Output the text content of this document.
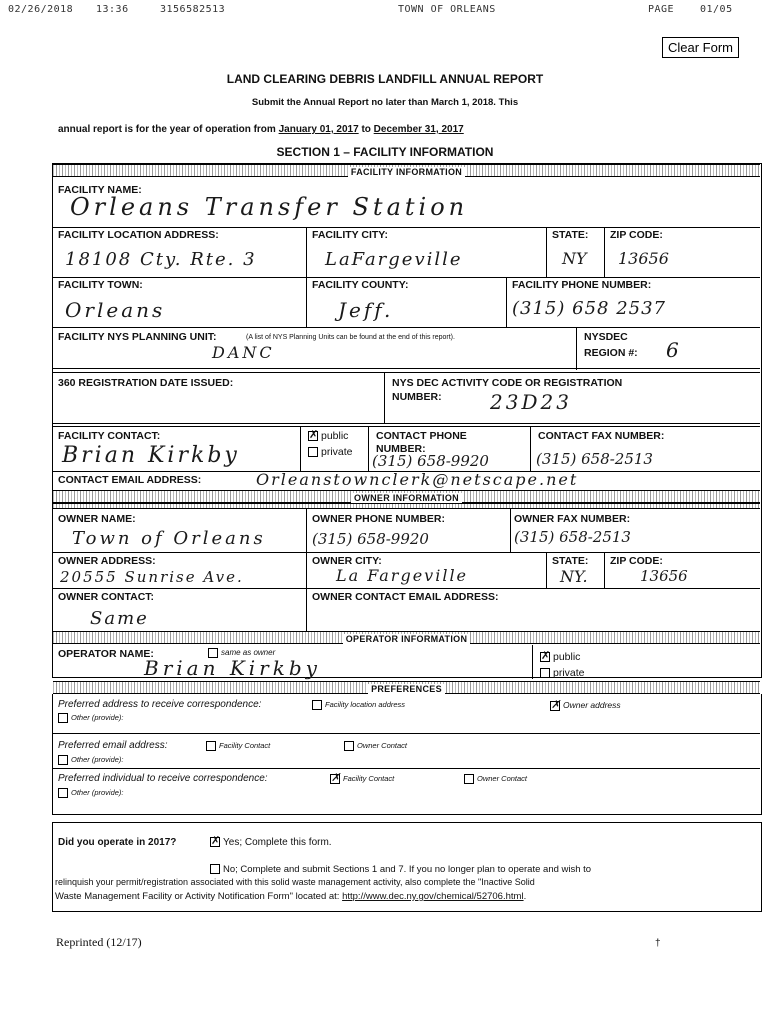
02/26/2018 13:36	3156582513	TOWN OF ORLEANS	PAGE	01/05
Clear Form
LAND CLEARING DEBRIS LANDFILL ANNUAL REPORT
Submit the Annual Report no later than March 1, 2018. This
annual report is for the year of operation from January 01, 2017 to December 31, 2017
SECTION 1 – FACILITY INFORMATION
FACILITY INFORMATION
FACILITY NAME:
Orleans Transfer Station
FACILITY LOCATION ADDRESS:	FACILITY CITY:	STATE: ZIP CODE:
18108 Cty. Rte. 3	LaFargeville	NY 13656
FACILITY TOWN:	FACILITY COUNTY:	FACILITY PHONE NUMBER:
Orleans	Jeff.	(315) 658 2537
FACILITY NYS PLANNING UNIT:	(A list of NYS Planning Units can be found at the end of this report).
DANC
NYSDEC
REGION #: 6
360 REGISTRATION DATE ISSUED:	NYS DEC ACTIVITY CODE OR REGISTRATION
NUMBER: 23D23
FACILITY CONTACT:
Brian Kirkby
✗public
private
CONTACT PHONE
NUMBER:
(315) 658-9920
CONTACT FAX NUMBER:
(315) 658-2513
CONTACT EMAIL ADDRESS:	Orleanstownclerk@netscape.net
OWNER INFORMATION
OWNER NAME:
Town of Orleans
OWNER PHONE NUMBER:
(315) 658-9920
OWNER FAX NUMBER:
(315) 658-2513
OWNER ADDRESS:
20555 Sunrise Ave.
OWNER CITY:
La Fargeville
STATE:
NY.
ZIP CODE:
13656
OWNER CONTACT:
Same
OWNER CONTACT EMAIL ADDRESS:
OPERATOR INFORMATION
OPERATOR NAME:	same as owner
Brian Kirkby ✗	public
private
PREFERENCES
Preferred address to receive correspondence:	Facility location address ✗	Owner address
Other (provide):
Preferred email address:	Facility Contact	Owner Contact
Other (provide):
Preferred individual to receive correspondence: ✗	Facility Contact	Owner Contact
Other (provide):
Did you operate in 2017? ✗	Yes; Complete this form.
No; Complete and submit Sections 1 and 7. If you no longer plan to operate and wish to
relinquish your permit/registration associated with this solid waste management activity, also complete the "Inactive Solid
Waste Management Facility or Activity Notification Form" located at: http://www.dec.ny.gov/chemical/52706.html.
Reprinted (12/17)	†
